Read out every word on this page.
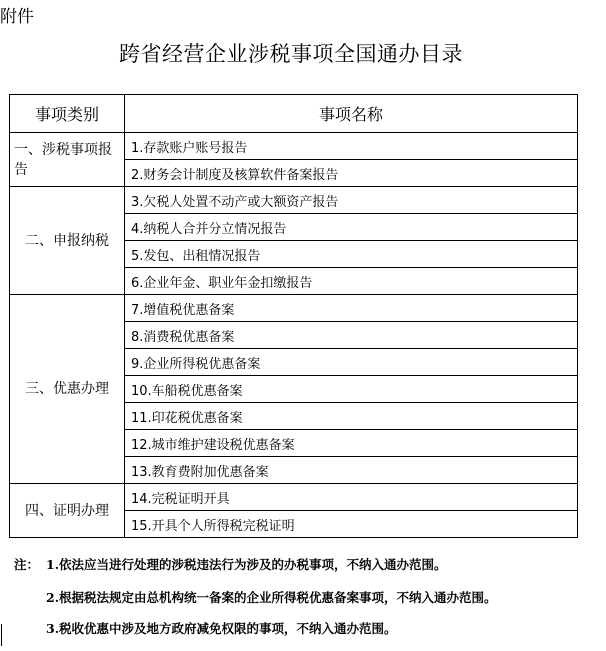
附件
跨省经营企业涉税事项全国通办目录
事项类别	事项名称
一、涉税事项报告	1.存款账户账号报告
	2.财务会计制度及核算软件备案报告
二、申报纳税	3.欠税人处置不动产或大额资产报告
	4.纳税人合并分立情况报告
	5.发包、出租情况报告
	6.企业年金、职业年金扣缴报告
三、优惠办理	7.增值税优惠备案
	8.消费税优惠备案
	9.企业所得税优惠备案
	10.车船税优惠备案
	11.印花税优惠备案
	12.城市维护建设税优惠备案
	13.教育费附加优惠备案
四、证明办理	14.完税证明开具
	15.开具个人所得税完税证明
注： 1.依法应当进行处理的涉税违法行为涉及的办税事项，不纳入通办范围。
2.根据税法规定由总机构统一备案的企业所得税优惠备案事项，不纳入通办范围。
3.税收优惠中涉及地方政府减免权限的事项，不纳入通办范围。
